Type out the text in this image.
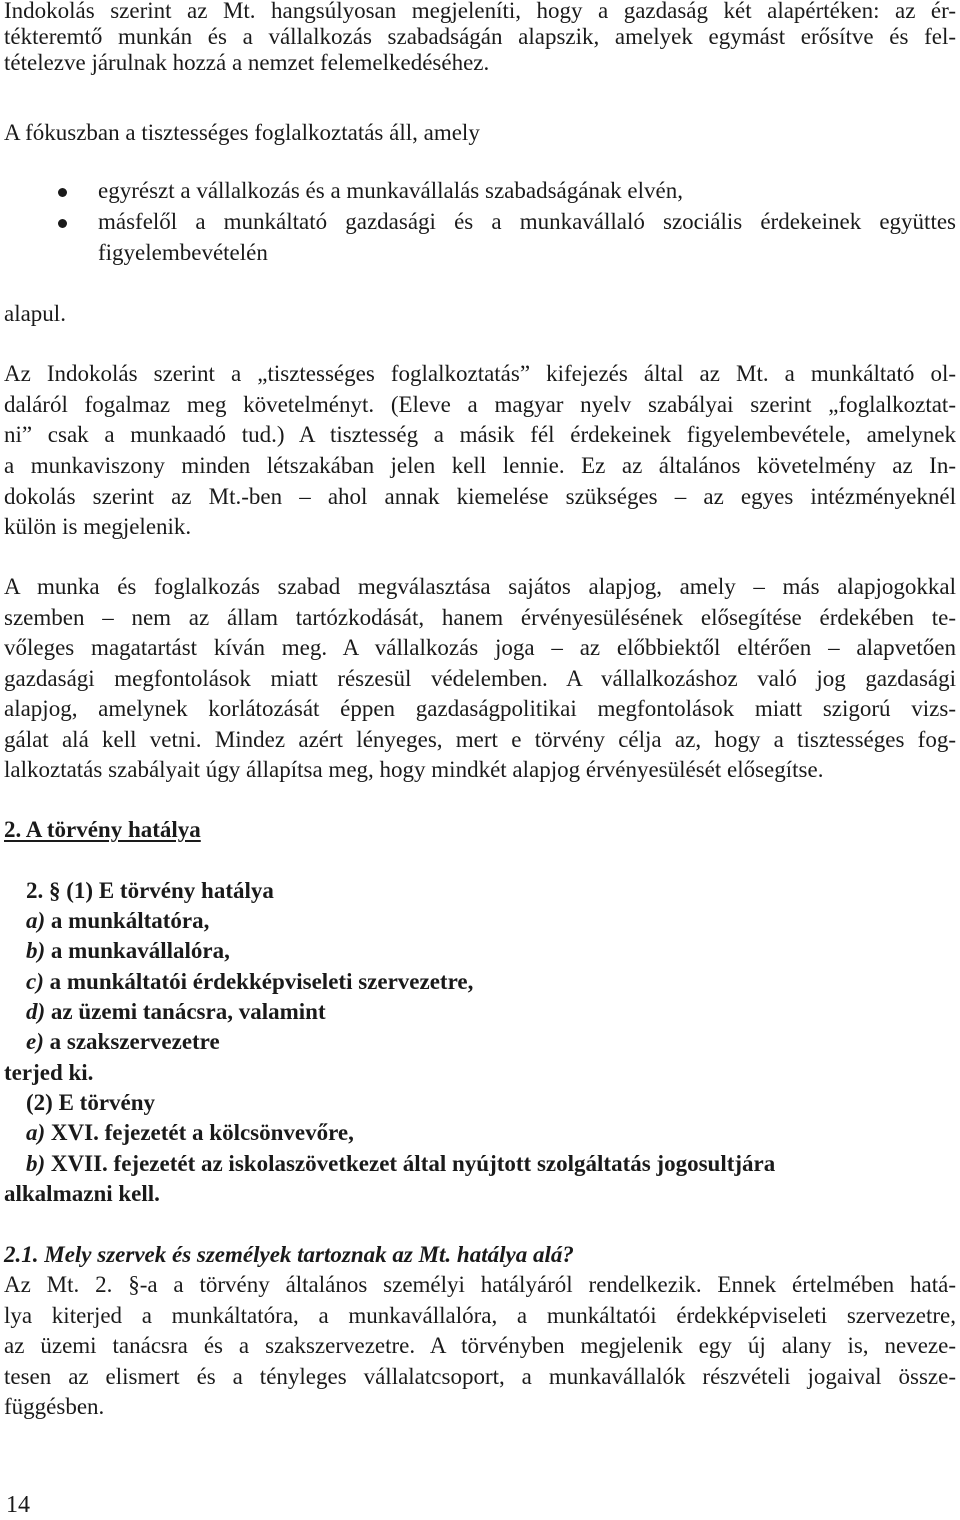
Indokolás szerint az Mt. hangsúlyosan megjeleníti, hogy a gazdaság két alapértéken: az ér-
tékteremtő munkán és a vállalkozás szabadságán alapszik, amelyek egymást erősítve és fel-
tételezve járulnak hozzá a nemzet felemelkedéséhez.
A fókuszban a tisztességes foglalkoztatás áll, amely
egyrészt a vállalkozás és a munkavállalás szabadságának elvén,
másfelől a munkáltató gazdasági és a munkavállaló szociális érdekeinek együttes
figyelembevételén
alapul.
Az Indokolás szerint a „tisztességes foglalkoztatás” kifejezés által az Mt. a munkáltató ol-
daláról fogalmaz meg követelményt. (Eleve a magyar nyelv szabályai szerint „foglalkoztat-
ni” csak a munkaadó tud.) A tisztesség a másik fél érdekeinek figyelembevétele, amelynek
a munkaviszony minden létszakában jelen kell lennie. Ez az általános követelmény az In-
dokolás szerint az Mt.-ben – ahol annak kiemelése szükséges – az egyes intézményeknél
külön is megjelenik.
A munka és foglalkozás szabad megválasztása sajátos alapjog, amely – más alapjogokkal
szemben – nem az állam tartózkodását, hanem érvényesülésének elősegítése érdekében te-
vőleges magatartást kíván meg. A vállalkozás joga – az előbbiektől eltérően – alapvetően
gazdasági megfontolások miatt részesül védelemben. A vállalkozáshoz való jog gazdasági
alapjog, amelynek korlátozását éppen gazdaságpolitikai megfontolások miatt szigorú vizs-
gálat alá kell vetni. Mindez azért lényeges, mert e törvény célja az, hogy a tisztességes fog-
lalkoztatás szabályait úgy állapítsa meg, hogy mindkét alapjog érvényesülését elősegítse.
2. A törvény hatálya
2. § (1) E törvény hatálya
a) a munkáltatóra,
b) a munkavállalóra,
c) a munkáltatói érdekképviseleti szervezetre,
d) az üzemi tanácsra, valamint
e) a szakszervezetre
terjed ki.
(2) E törvény
a) XVI. fejezetét a kölcsönvevőre,
b) XVII. fejezetét az iskolaszövetkezet által nyújtott szolgáltatás jogosultjára
alkalmazni kell.
2.1. Mely szervek és személyek tartoznak az Mt. hatálya alá?
Az Mt. 2. §-a a törvény általános személyi hatályáról rendelkezik. Ennek értelmében hatá-
lya kiterjed a munkáltatóra, a munkavállalóra, a munkáltatói érdekképviseleti szervezetre,
az üzemi tanácsra és a szakszervezetre. A törvényben megjelenik egy új alany is, neveze-
tesen az elismert és a tényleges vállalatcsoport, a munkavállalók részvételi jogaival össze-
függésben.
14
